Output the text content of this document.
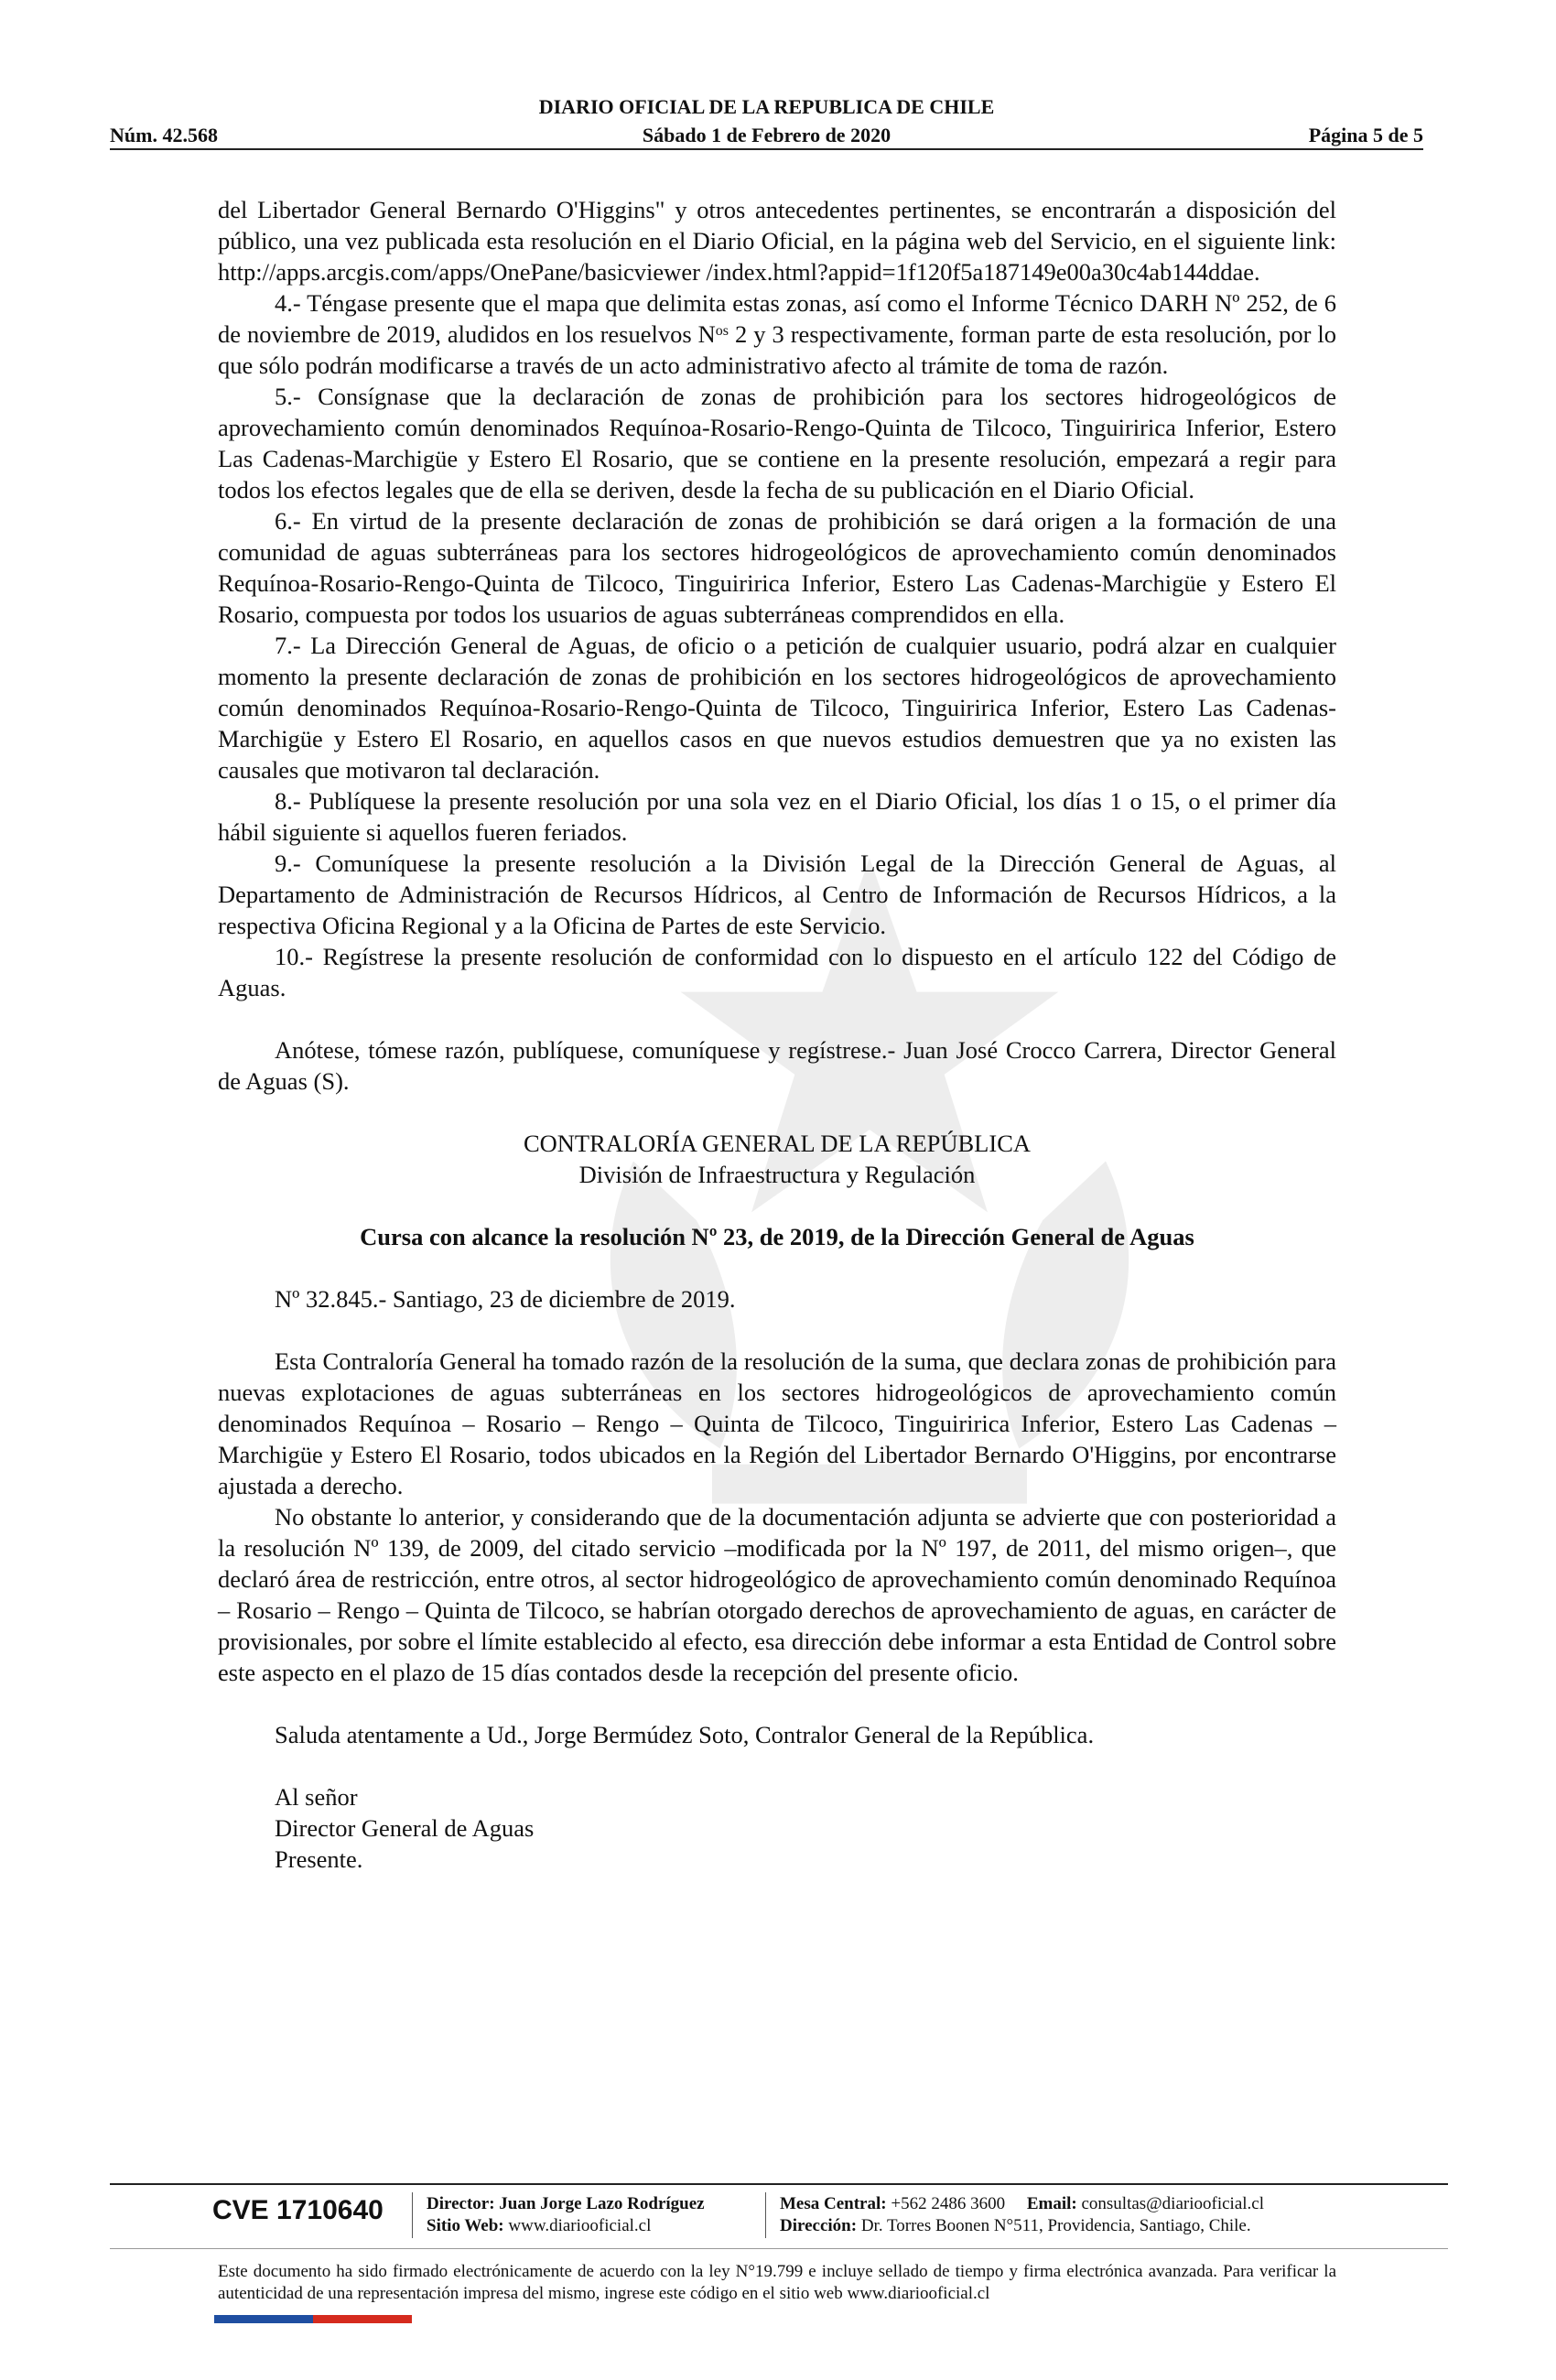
DIARIO OFICIAL DE LA REPUBLICA DE CHILE
Sábado 1 de Febrero de 2020
Núm. 42.568	Página 5 de 5

del Libertador General Bernardo O'Higgins" y otros antecedentes pertinentes, se encontrarán a disposición del público, una vez publicada esta resolución en el Diario Oficial, en la página web del Servicio, en el siguiente link: http://apps.arcgis.com/apps/OnePane/basicviewer /index.html?appid=1f120f5a187149e00a30c4ab144ddae.

4.- Téngase presente que el mapa que delimita estas zonas, así como el Informe Técnico DARH Nº 252, de 6 de noviembre de 2019, aludidos en los resuelvos $N^{os}$ 2 y 3 respectivamente, forman parte de esta resolución, por lo que sólo podrán modificarse a través de un acto administrativo afecto al trámite de toma de razón.

5.- Consígnase que la declaración de zonas de prohibición para los sectores hidrogeológicos de aprovechamiento común denominados Requínoa-Rosario-Rengo-Quinta de Tilcoco, Tinguiririca Inferior, Estero Las Cadenas-Marchigüe y Estero El Rosario, que se contiene en la presente resolución, empezará a regir para todos los efectos legales que de ella se deriven, desde la fecha de su publicación en el Diario Oficial.

6.- En virtud de la presente declaración de zonas de prohibición se dará origen a la formación de una comunidad de aguas subterráneas para los sectores hidrogeológicos de aprovechamiento común denominados Requínoa-Rosario-Rengo-Quinta de Tilcoco, Tinguiririca Inferior, Estero Las Cadenas-Marchigüe y Estero El Rosario, compuesta por todos los usuarios de aguas subterráneas comprendidos en ella.

7.- La Dirección General de Aguas, de oficio o a petición de cualquier usuario, podrá alzar en cualquier momento la presente declaración de zonas de prohibición en los sectores hidrogeológicos de aprovechamiento común denominados Requínoa-Rosario-Rengo-Quinta de Tilcoco, Tinguiririca Inferior, Estero Las Cadenas-Marchigüe y Estero El Rosario, en aquellos casos en que nuevos estudios demuestren que ya no existen las causales que motivaron tal declaración.

8.- Publíquese la presente resolución por una sola vez en el Diario Oficial, los días 1 o 15, o el primer día hábil siguiente si aquellos fueren feriados.

9.- Comuníquese la presente resolución a la División Legal de la Dirección General de Aguas, al Departamento de Administración de Recursos Hídricos, al Centro de Información de Recursos Hídricos, a la respectiva Oficina Regional y a la Oficina de Partes de este Servicio.

10.- Regístrese la presente resolución de conformidad con lo dispuesto en el artículo 122 del Código de Aguas.

Anótese, tómese razón, publíquese, comuníquese y regístrese.- Juan José Crocco Carrera, Director General de Aguas (S).

CONTRALORÍA GENERAL DE LA REPÚBLICA

División de Infraestructura y Regulación

Cursa con alcance la resolución Nº 23, de 2019, de la Dirección General de Aguas

Nº 32.845.- Santiago, 23 de diciembre de 2019.

Esta Contraloría General ha tomado razón de la resolución de la suma, que declara zonas de prohibición para nuevas explotaciones de aguas subterráneas en los sectores hidrogeológicos de aprovechamiento común denominados Requínoa – Rosario – Rengo – Quinta de Tilcoco, Tinguiririca Inferior, Estero Las Cadenas – Marchigüe y Estero El Rosario, todos ubicados en la Región del Libertador Bernardo O'Higgins, por encontrarse ajustada a derecho.

No obstante lo anterior, y considerando que de la documentación adjunta se advierte que con posterioridad a la resolución Nº 139, de 2009, del citado servicio –modificada por la Nº 197, de 2011, del mismo origen–, que declaró área de restricción, entre otros, al sector hidrogeológico de aprovechamiento común denominado Requínoa – Rosario – Rengo – Quinta de Tilcoco, se habrían otorgado derechos de aprovechamiento de aguas, en carácter de provisionales, por sobre el límite establecido al efecto, esa dirección debe informar a esta Entidad de Control sobre este aspecto en el plazo de 15 días contados desde la recepción del presente oficio.

Saluda atentamente a Ud., Jorge Bermúdez Soto, Contralor General de la República.

Al señor

Director General de Aguas

Presente.

CVE 1710640 Director: Juan Jorge Lazo Rodríguez
Sitio Web: www.diariooficial.cl
Mesa Central: +562 2486 3600 Email: consultas@diariooficial.cl
Dirección: Dr. Torres Boonen N°511, Providencia, Santiago, Chile.
Este documento ha sido firmado electrónicamente de acuerdo con la ley N°19.799 e incluye sellado de tiempo y firma electrónica avanzada. Para verificar la autenticidad de una representación impresa del mismo, ingrese este código en el sitio web www.diariooficial.cl
